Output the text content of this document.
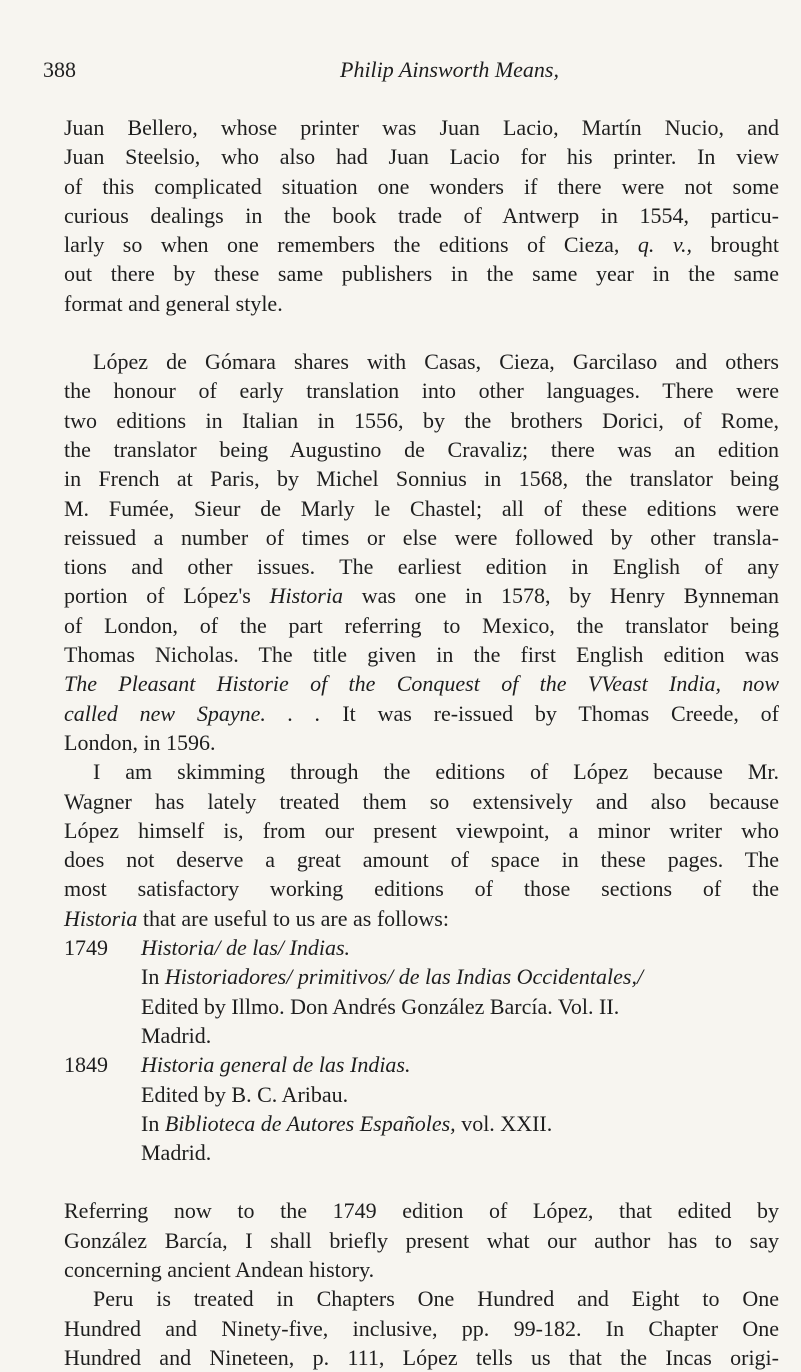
388	Philip Ainsworth Means,
Juan Bellero, whose printer was Juan Lacio, Martín Nucio, and
Juan Steelsio, who also had Juan Lacio for his printer. In view
of this complicated situation one wonders if there were not some
curious dealings in the book trade of Antwerp in 1554, particu-
larly so when one remembers the editions of Cieza, q. v., brought
out there by these same publishers in the same year in the same
format and general style.
López de Gómara shares with Casas, Cieza, Garcilaso and others
the honour of early translation into other languages. There were
two editions in Italian in 1556, by the brothers Dorici, of Rome,
the translator being Augustino de Cravaliz; there was an edition
in French at Paris, by Michel Sonnius in 1568, the translator being
M. Fumée, Sieur de Marly le Chastel; all of these editions were
reissued a number of times or else were followed by other transla-
tions and other issues. The earliest edition in English of any
portion of López's Historia was one in 1578, by Henry Bynneman
of London, of the part referring to Mexico, the translator being
Thomas Nicholas. The title given in the first English edition was
The Pleasant Historie of the Conquest of the VVeast India, now
called new Spayne. . . It was re-issued by Thomas Creede, of
London, in 1596.
I am skimming through the editions of López because Mr.
Wagner has lately treated them so extensively and also because
López himself is, from our present viewpoint, a minor writer who
does not deserve a great amount of space in these pages. The
most satisfactory working editions of those sections of the
Historia that are useful to us are as follows:
1749 Historia/ de las/ Indias.
In Historiadores/ primitivos/ de las Indias Occidentales,/
Edited by Illmo. Don Andrés González Barcía. Vol. II.
Madrid.
1849 Historia general de las Indias.
Edited by B. C. Aribau.
In Biblioteca de Autores Españoles, vol. XXII.
Madrid.
Referring now to the 1749 edition of López, that edited by
González Barcía, I shall briefly present what our author has to say
concerning ancient Andean history.
Peru is treated in Chapters One Hundred and Eight to One
Hundred and Ninety-five, inclusive, pp. 99-182. In Chapter One
Hundred and Nineteen, p. 111, López tells us that the Incas origi-
